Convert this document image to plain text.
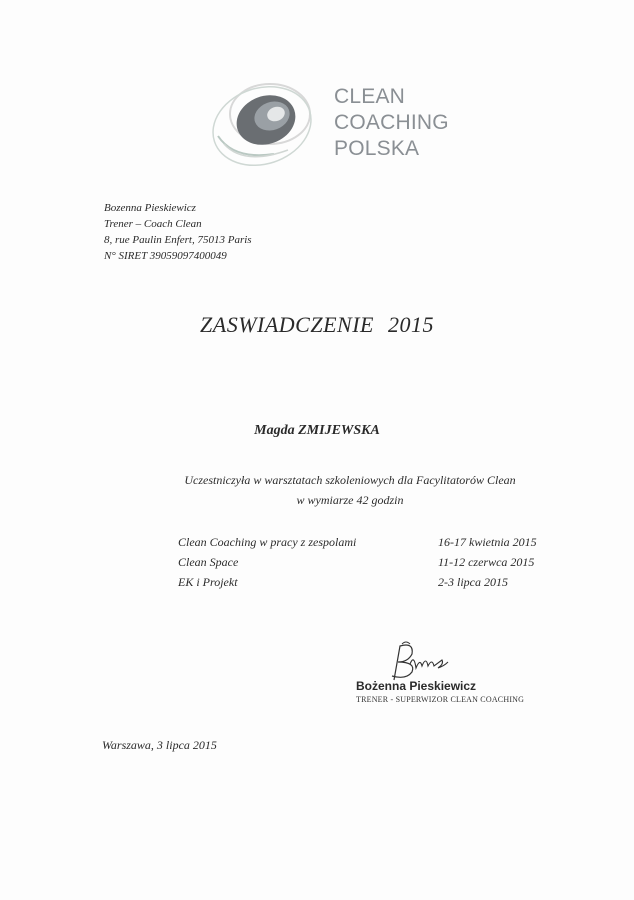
CLEAN
COACHING
POLSKA
Bozenna Pieskiewicz
Trener – Coach Clean
8, rue Paulin Enfert, 75013 Paris
N° SIRET 39059097400049
ZASWIADCZENIE 2015
Magda ZMIJEWSKA
Uczestniczyła w warsztatach szkoleniowych dla Facylitatorów Clean
w wymiarze 42 godzin
Clean Coaching w pracy z zespolami	16-17 kwietnia 2015
Clean Space	11-12 czerwca 2015
EK i Projekt	2-3 lipca 2015
Bożenna Pieskiewicz
TRENER - SUPERWIZOR CLEAN COACHING
Warszawa, 3 lipca 2015
